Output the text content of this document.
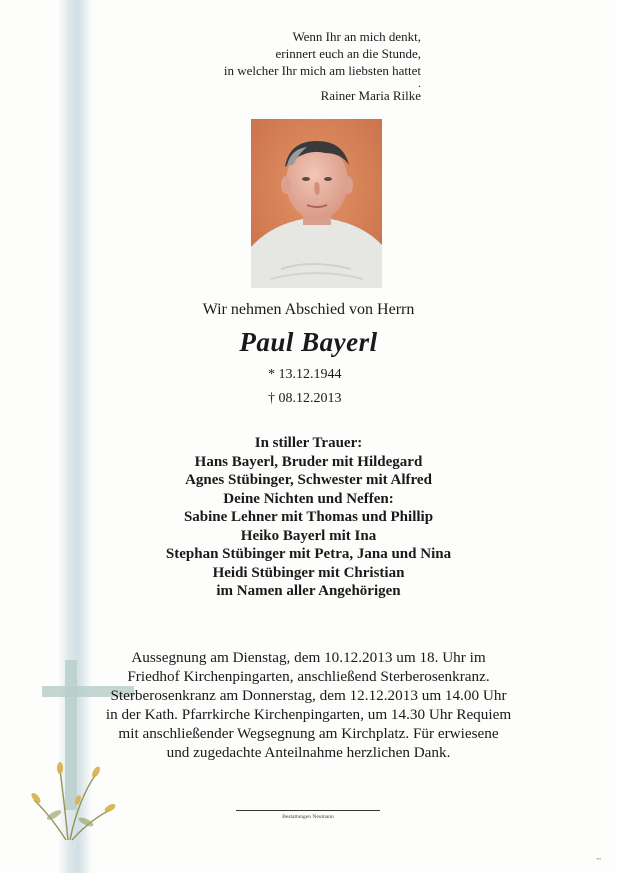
Wenn Ihr an mich denkt,
erinnert euch an die Stunde,
in welcher Ihr mich am liebsten hattet
.
Rainer Maria Rilke
Wir nehmen Abschied von Herrn
Paul Bayerl
* 13.12.1944
† 08.12.2013
In stiller Trauer:
Hans Bayerl, Bruder mit Hildegard
Agnes Stübinger, Schwester mit Alfred
Deine Nichten und Neffen:
Sabine Lehner mit Thomas und Phillip
Heiko Bayerl mit Ina
Stephan Stübinger mit Petra, Jana und Nina
Heidi Stübinger mit Christian
im Namen aller Angehörigen
Aussegnung am Dienstag, dem 10.12.2013 um 18. Uhr im
Friedhof Kirchenpingarten, anschließend Sterberosenkranz.
Sterberosenkranz am Donnerstag, dem 12.12.2013 um 14.00 Uhr
in der Kath. Pfarrkirche Kirchenpingarten, um 14.30 Uhr Requiem
mit anschließender Wegsegnung am Kirchplatz. Für erwiesene
und zugedachte Anteilnahme herzlichen Dank.
Bestattungen Neumann
▪▪▪
